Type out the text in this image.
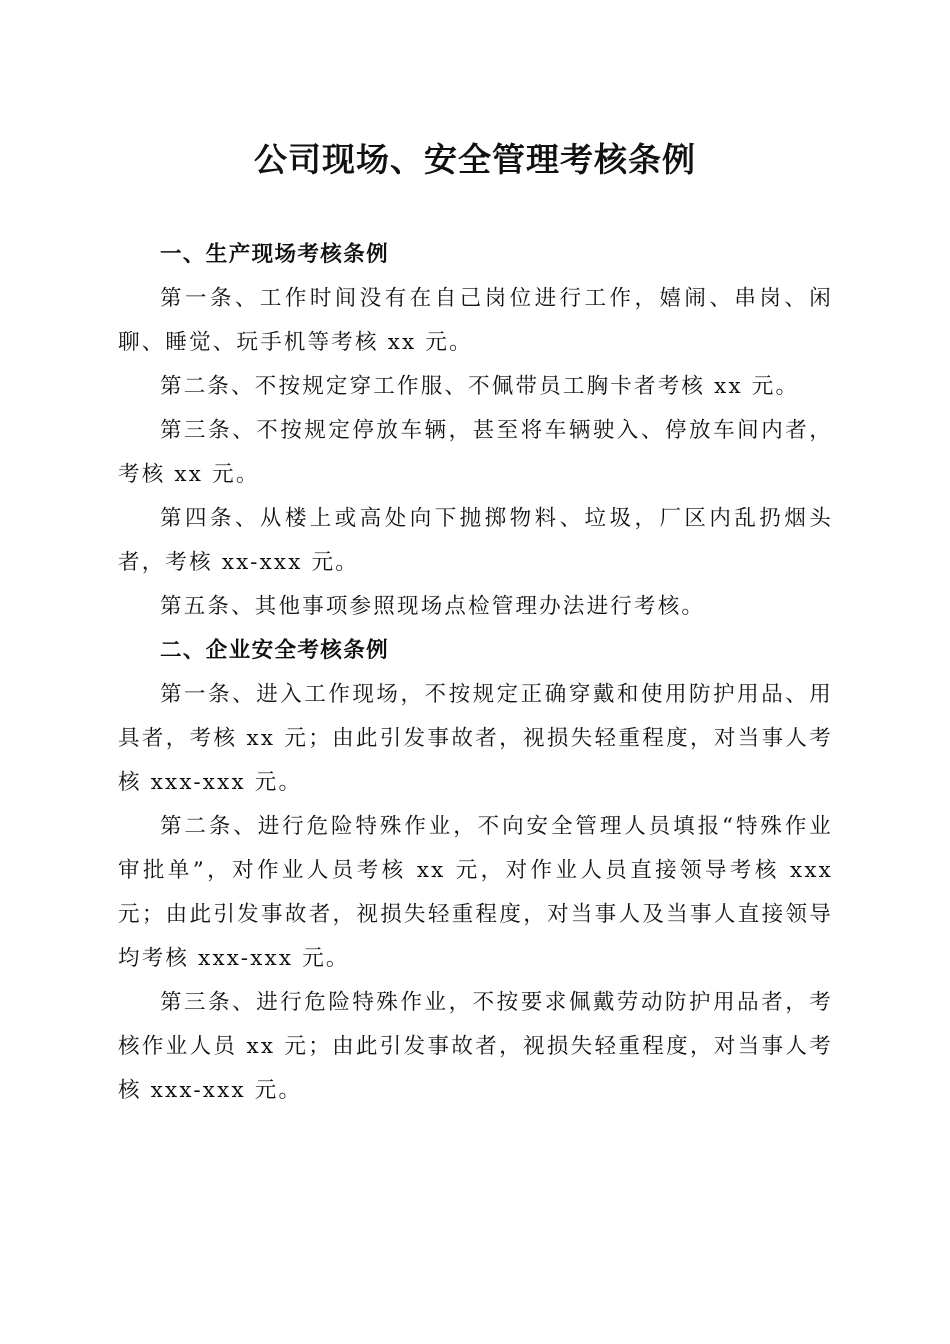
公司现场、安全管理考核条例

一、生产现场考核条例

第一条、工作时间没有在自己岗位进行工作，嬉闹、串岗、闲聊、睡觉、玩手机等考核 xx 元。

第二条、不按规定穿工作服、不佩带员工胸卡者考核 xx 元。

第三条、不按规定停放车辆，甚至将车辆驶入、停放车间内者，考核 xx 元。

第四条、从楼上或高处向下抛掷物料、垃圾，厂区内乱扔烟头者，考核 xx-xxx 元。

第五条、其他事项参照现场点检管理办法进行考核。

二、企业安全考核条例

第一条、进入工作现场，不按规定正确穿戴和使用防护用品、用具者，考核 xx 元；由此引发事故者，视损失轻重程度，对当事人考核 xxx-xxx 元。

第二条、进行危险特殊作业，不向安全管理人员填报“特殊作业审批单”，对作业人员考核 xx 元，对作业人员直接领导考核 xxx 元；由此引发事故者，视损失轻重程度，对当事人及当事人直接领导均考核 xxx-xxx 元。

第三条、进行危险特殊作业，不按要求佩戴劳动防护用品者，考核作业人员 xx 元；由此引发事故者，视损失轻重程度，对当事人考核 xxx-xxx 元。
